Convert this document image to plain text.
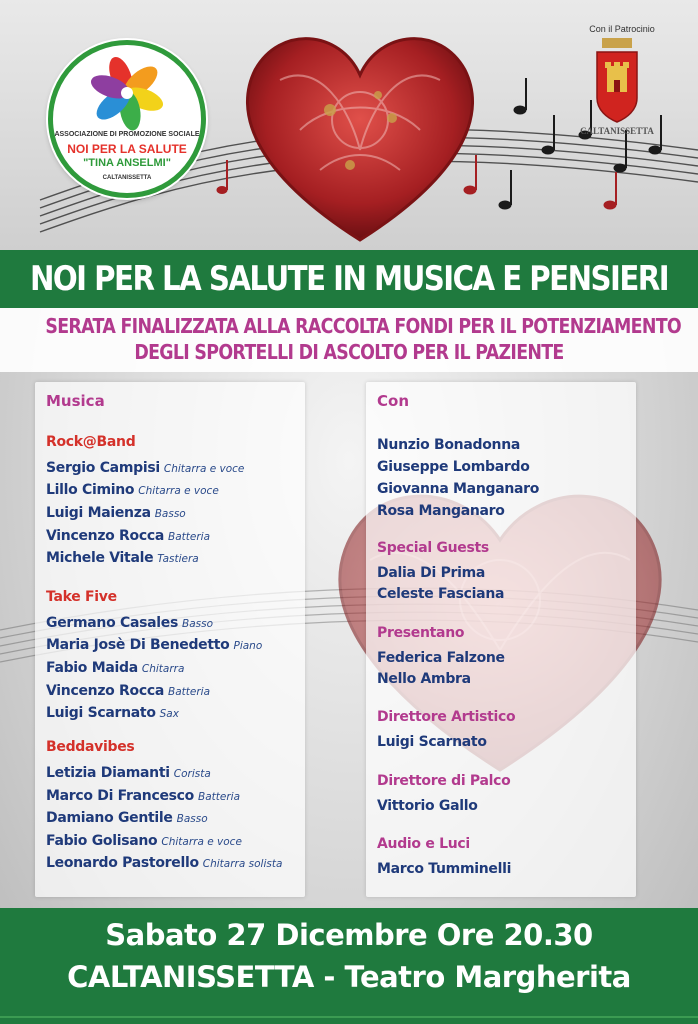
ASSOCIAZIONE DI PROMOZIONE SOCIALE
NOI PER LA SALUTE
"TINA ANSELMI"
CALTANISSETTA
Con il Patrocinio
CALTANISSETTA
NOI PER LA SALUTE IN MUSICA E PENSIERI
SERATA FINALIZZATA ALLA RACCOLTA FONDI PER IL POTENZIAMENTO
DEGLI SPORTELLI DI ASCOLTO PER IL PAZIENTE
Musica
Rock@Band
Sergio Campisi Chitarra e voce
Lillo Cimino Chitarra e voce
Luigi Maienza Basso
Vincenzo Rocca Batteria
Michele Vitale Tastiera
Take Five
Germano Casales Basso
Maria Josè Di Benedetto Piano
Fabio Maida Chitarra
Vincenzo Rocca Batteria
Luigi Scarnato Sax
Beddavibes
Letizia Diamanti Corista
Marco Di Francesco Batteria
Damiano Gentile Basso
Fabio Golisano Chitarra e voce
Leonardo Pastorello Chitarra solista
Con
Nunzio Bonadonna
Giuseppe Lombardo
Giovanna Manganaro
Rosa Manganaro
Special Guests
Dalia Di Prima
Celeste Fasciana
Presentano
Federica Falzone
Nello Ambra
Direttore Artistico
Luigi Scarnato
Direttore di Palco
Vittorio Gallo
Audio e Luci
Marco Tumminelli
Sabato 27 Dicembre Ore 20.30
CALTANISSETTA - Teatro Margherita
